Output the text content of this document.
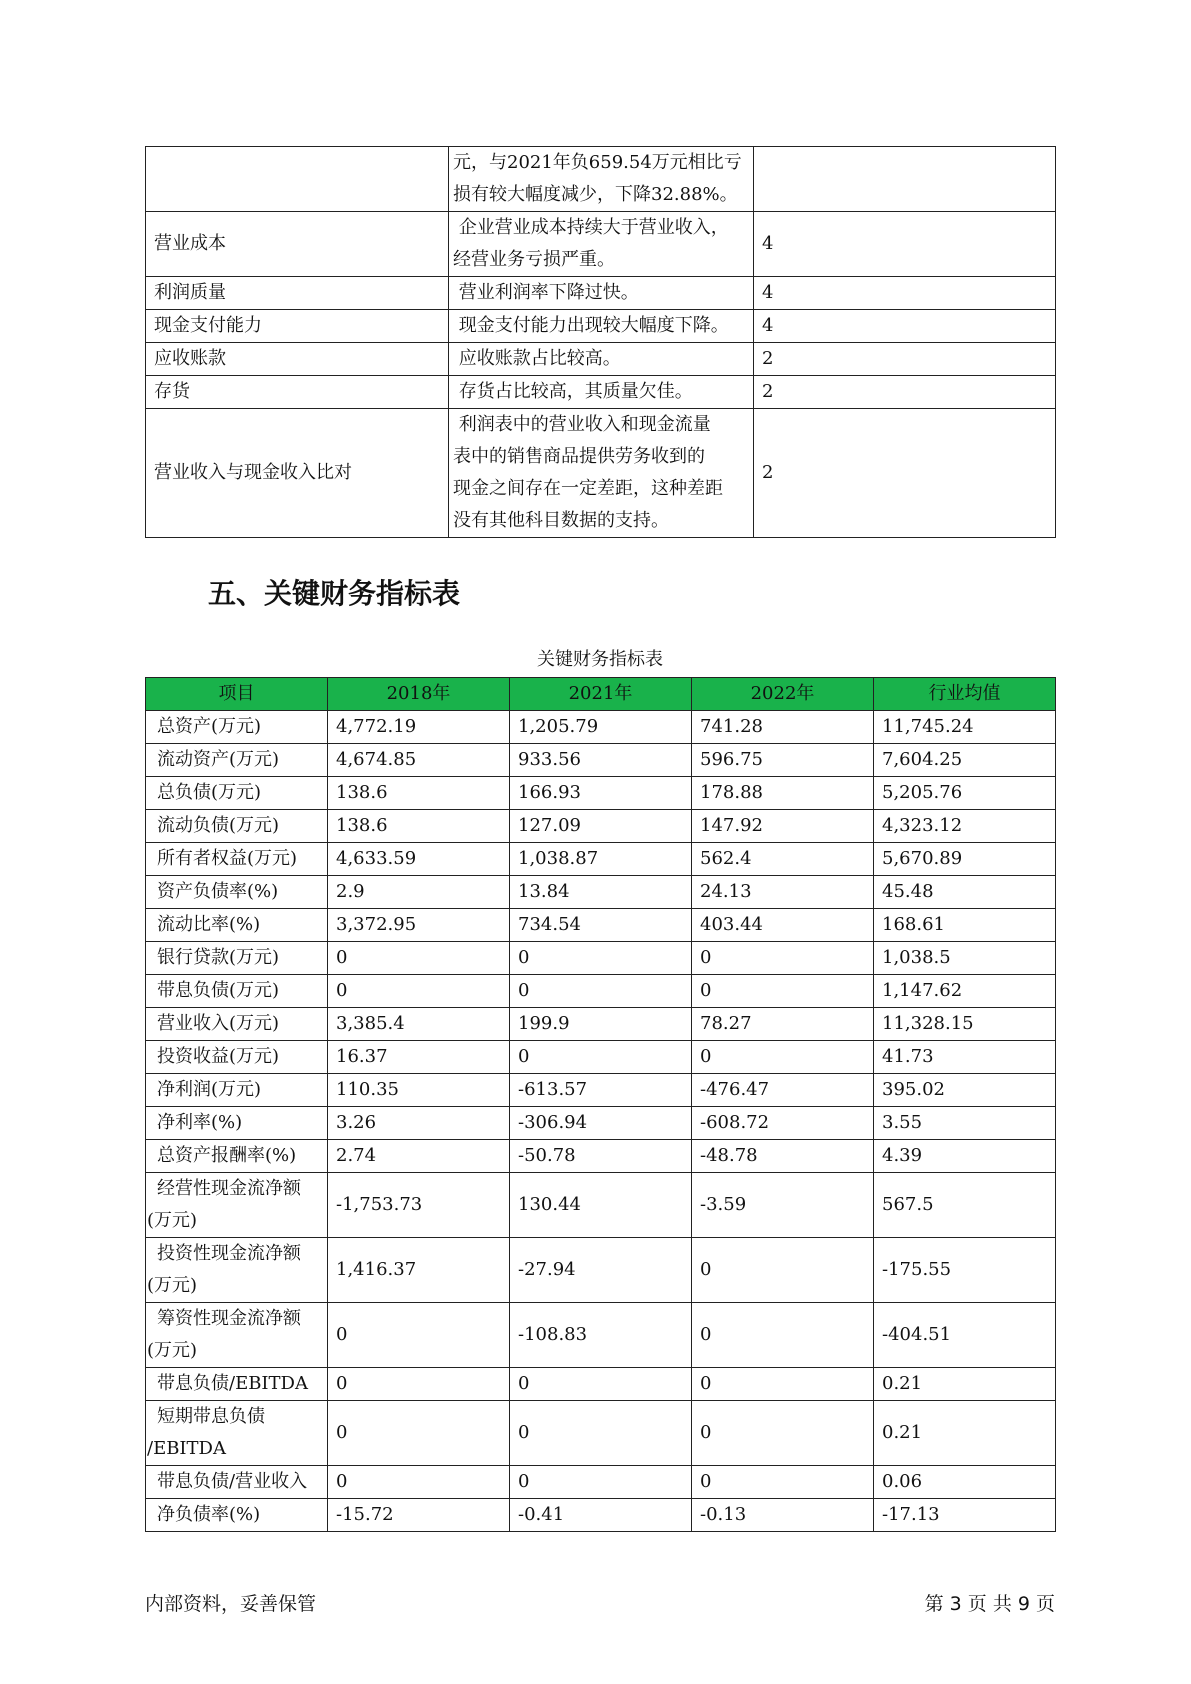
	元，与2021年负659.54万元相比亏
损有较大幅度减少，下降32.88%。	

营业成本	企业营业成本持续大于营业收入，
经营业务亏损严重。	4
利润质量	营业利润率下降过快。	4
现金支付能力	现金支付能力出现较大幅度下降。	4
应收账款	应收账款占比较高。	2
存货	存货占比较高，其质量欠佳。	2
营业收入与现金收入比对	利润表中的营业收入和现金流量
表中的销售商品提供劳务收到的
现金之间存在一定差距，这种差距
没有其他科目数据的支持。	2
五、关键财务指标表
关键财务指标表
项目	2018年	2021年	2022年	行业均值

总资产(万元)	4,772.19	1,205.79	741.28	11,745.24

流动资产(万元)	4,674.85	933.56	596.75	7,604.25

总负债(万元)	138.6	166.93	178.88	5,205.76

流动负债(万元)	138.6	127.09	147.92	4,323.12

所有者权益(万元)	4,633.59	1,038.87	562.4	5,670.89

资产负债率(%)	2.9	13.84	24.13	45.48

流动比率(%)	3,372.95	734.54	403.44	168.61

银行贷款(万元)	0	0	0	1,038.5

带息负债(万元)	0	0	0	1,147.62

营业收入(万元)	3,385.4	199.9	78.27	11,328.15

投资收益(万元)	16.37	0	0	41.73

净利润(万元)	110.35	-613.57	-476.47	395.02

净利率(%)	3.26	-306.94	-608.72	3.55

总资产报酬率(%)	2.74	-50.78	-48.78	4.39

经营性现金流净额
(万元)	-1,753.73	130.44	-3.59	567.5

投资性现金流净额
(万元)	1,416.37	-27.94	0	-175.55

筹资性现金流净额
(万元)	0	-108.83	0	-404.51

带息负债/EBITDA	0	0	0	0.21

短期带息负债
/EBITDA	0	0	0	0.21

带息负债/营业收入	0	0	0	0.06

净负债率(%)	-15.72	-0.41	-0.13	-17.13
内部资料，妥善保管	第 3 页 共 9 页
